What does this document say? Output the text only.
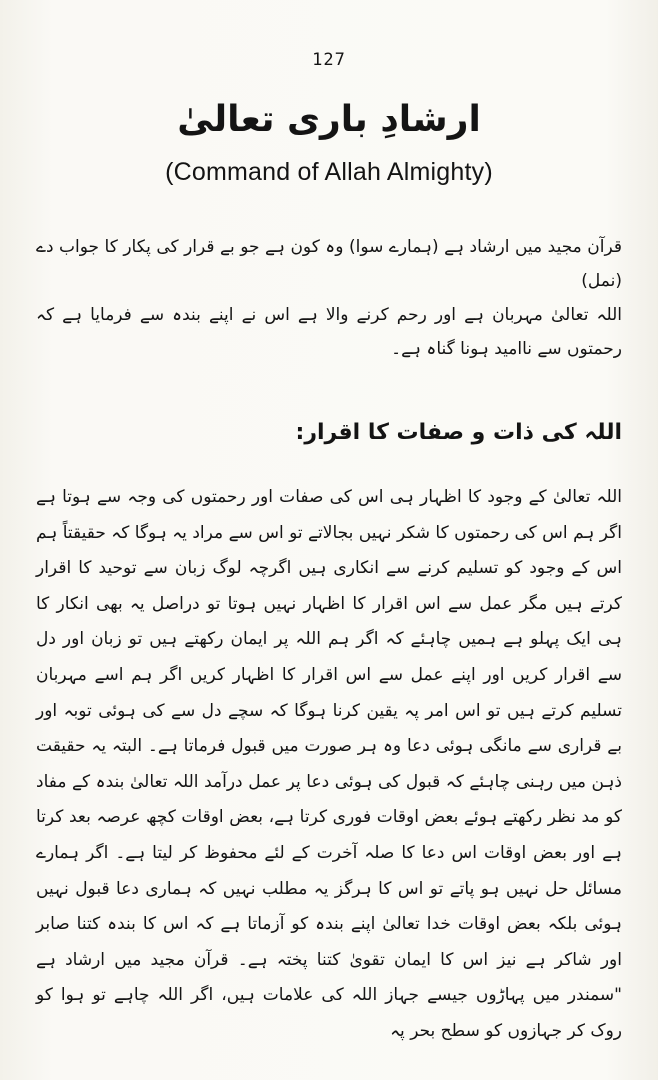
127
ارشادِ باری تعالیٰ
(Command of Allah Almighty)

قرآن مجید میں ارشاد ہے (ہمارے سوا) وہ کون ہے جو بے قرار کی پکار کا جواب دے (نمل)

اللہ تعالیٰ مہربان ہے اور رحم کرنے والا ہے اس نے اپنے بندہ سے فرمایا ہے کہ رحمتوں سے ناامید ہونا گناہ ہے۔

اللہ کی ذات و صفات کا اقرار:

اللہ تعالیٰ کے وجود کا اظہار ہی اس کی صفات اور رحمتوں کی وجہ سے ہوتا ہے اگر ہم اس کی رحمتوں کا شکر نہیں بجالاتے تو اس سے مراد یہ ہوگا کہ حقیقتاً ہم اس کے وجود کو تسلیم کرنے سے انکاری ہیں اگرچہ لوگ زبان سے توحید کا اقرار کرتے ہیں مگر عمل سے اس اقرار کا اظہار نہیں ہوتا تو دراصل یہ بھی انکار کا ہی ایک پہلو ہے ہمیں چاہئے کہ اگر ہم اللہ پر ایمان رکھتے ہیں تو زبان اور دل سے اقرار کریں اور اپنے عمل سے اس اقرار کا اظہار کریں اگر ہم اسے مہربان تسلیم کرتے ہیں تو اس امر پہ یقین کرنا ہوگا کہ سچے دل سے کی ہوئی توبہ اور بے قراری سے مانگی ہوئی دعا وہ ہر صورت میں قبول فرماتا ہے۔ البتہ یہ حقیقت ذہن میں رہنی چاہئے کہ قبول کی ہوئی دعا پر عمل درآمد اللہ تعالیٰ بندہ کے مفاد کو مد نظر رکھتے ہوئے بعض اوقات فوری کرتا ہے، بعض اوقات کچھ عرصہ بعد کرتا ہے اور بعض اوقات اس دعا کا صلہ آخرت کے لئے محفوظ کر لیتا ہے۔ اگر ہمارے مسائل حل نہیں ہو پاتے تو اس کا ہرگز یہ مطلب نہیں کہ ہماری دعا قبول نہیں ہوئی بلکہ بعض اوقات خدا تعالیٰ اپنے بندہ کو آزماتا ہے کہ اس کا بندہ کتنا صابر اور شاکر ہے نیز اس کا ایمان تقویٰ کتنا پختہ ہے۔ قرآن مجید میں ارشاد ہے "سمندر میں پہاڑوں جیسے جہاز اللہ کی علامات ہیں، اگر اللہ چاہے تو ہوا کو روک کر جہازوں کو سطح بحر پہ
